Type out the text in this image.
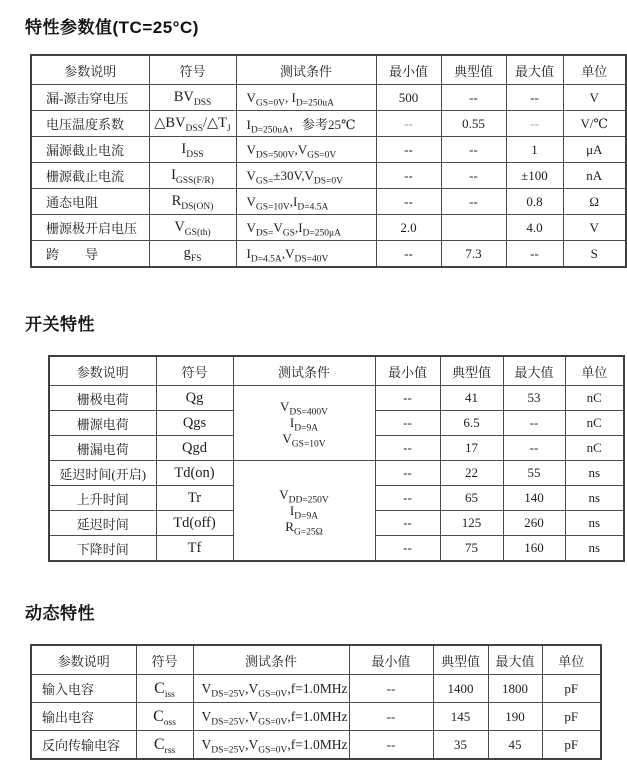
特性参数值(TC=25°C)
参数说明	符号	测试条件	最小值	典型值	最大值	单位
漏-源击穿电压	$BV_{DSS}$	$V_{GS=0V}$, $I_{D=250uA}$	500	--	--	V
电压温度系数	$\triangle BV_{DSS}/\triangle T_J$	$I_{D=250uA}$，参考25℃	--	0.55	--	V/℃
漏源截止电流	$I_{DSS}$	$V_{DS=500V},V_{GS=0V}$	--	--	1	μA
栅源截止电流	$I_{GSS(F/R)}$	$V_{GS=}\pm 30V,V_{DS=0V}$	--	--	±100	nA
通态电阻	$R_{DS(ON)}$	$V_{GS=10V},I_{D=4.5A}$	--	--	0.8	Ω
栅源极开启电压	$V_{GS(th)}$	$V_{DS=}V_{GS},I_{D=250\mu A}$	2.0		4.0	V
跨　　导	$g_{FS}$	$I_{D=4.5A},V_{DS=40V}$	--	7.3	--	S
开关特性
参数说明	符号	测试条件	最小值	典型值	最大值	单位
栅极电荷	Qg	$V_{DS=400V}$
$I_{D=9A}$
$V_{GS=10V}$	--	41	53	nC
栅源电荷	Qgs		--	6.5	--	nC
栅漏电荷	Qgd		--	17	--	nC
延迟时间(开启)	Td(on)	$V_{DD=250V}$
$I_{D=9A}$
$R_{G=25\Omega}$	--	22	55	ns
上升时间	Tr		--	65	140	ns
延迟时间	Td(off)		--	125	260	ns
下降时间	Tf		--	75	160	ns
动态特性
参数说明	符号	测试条件	最小值	典型值	最大值	单位
输入电容	$C_{iss}$	$V_{DS=25V},V_{GS=0V},f=1.0MHz$	--	1400	1800	pF
输出电容	$C_{oss}$	$V_{DS=25V},V_{GS=0V},f=1.0MHz$	--	145	190	pF
反向传输电容	$C_{rss}$	$V_{DS=25V},V_{GS=0V},f=1.0MHz$	--	35	45	pF
